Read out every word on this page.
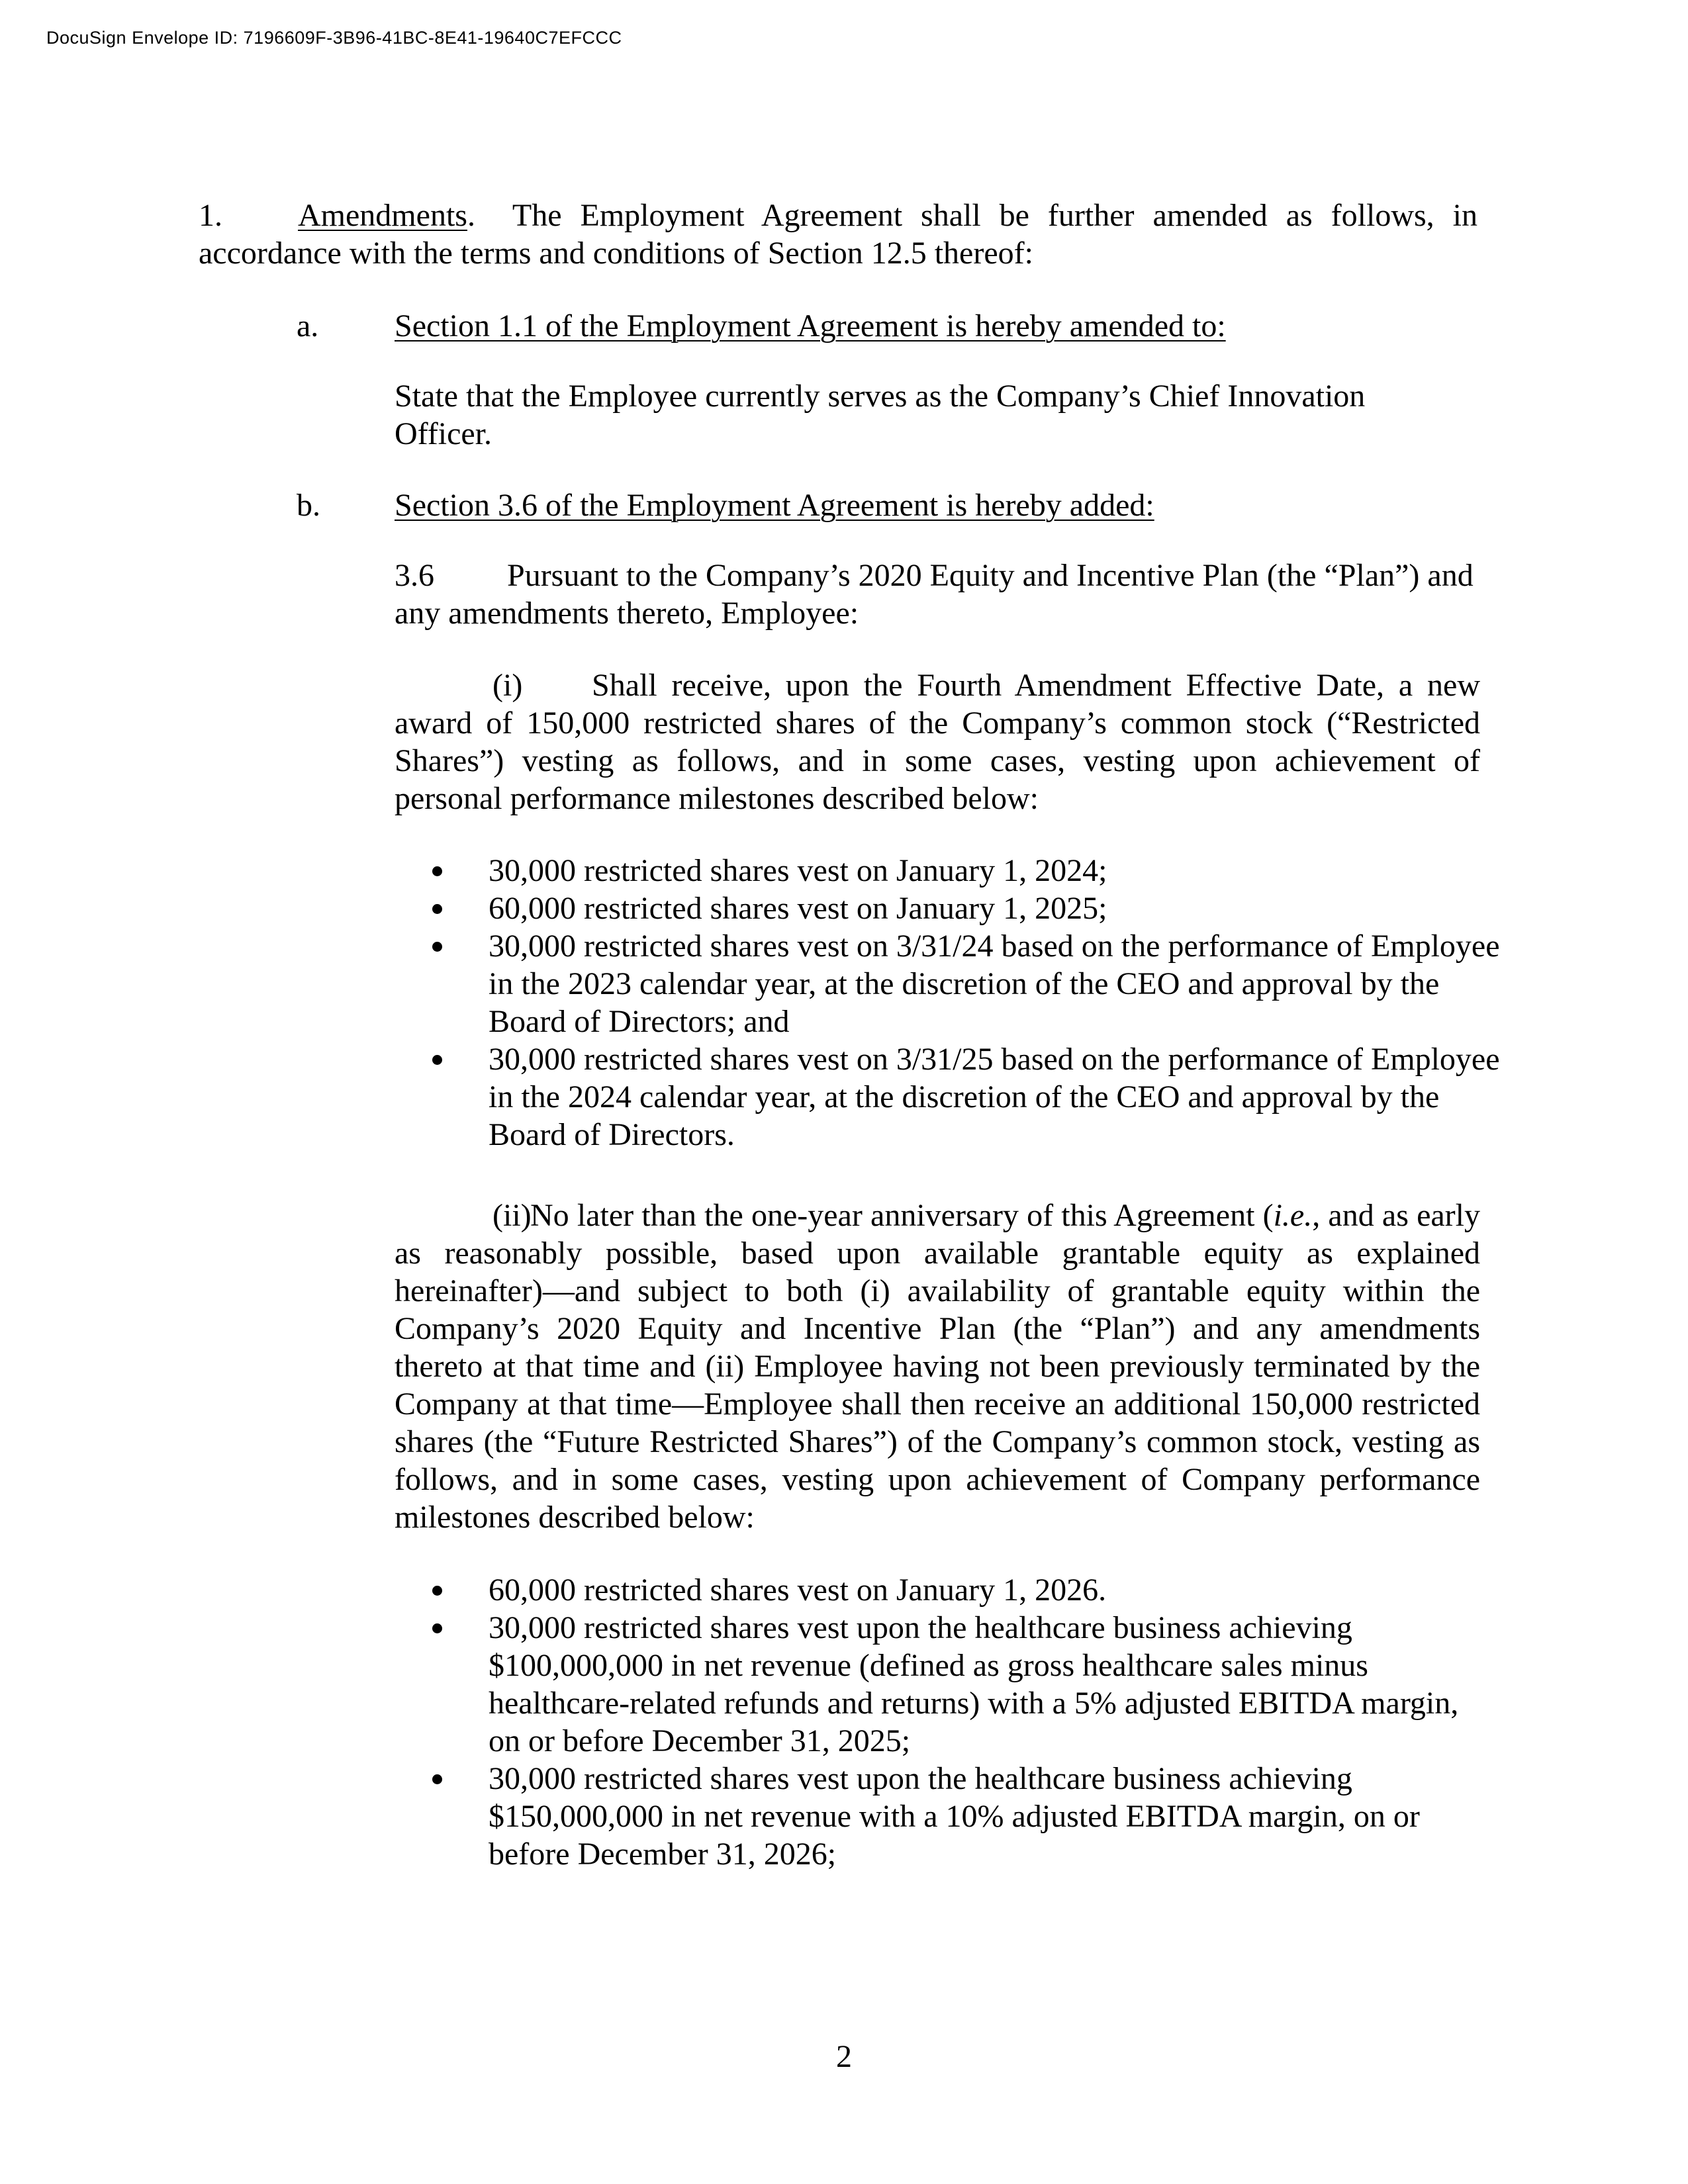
DocuSign Envelope ID: 7196609F-3B96-41BC-8E41-19640C7EFCCC
1. Amendments. The Employment Agreement shall be further amended as follows, in accordance with the terms and conditions of Section 12.5 thereof:
a. Section 1.1 of the Employment Agreement is hereby amended to:
State that the Employee currently serves as the Company’s Chief Innovation Officer.
b. Section 3.6 of the Employment Agreement is hereby added:
3.6 Pursuant to the Company’s 2020 Equity and Incentive Plan (the “Plan”) and any amendments thereto, Employee:
(i) Shall receive, upon the Fourth Amendment Effective Date, a new award of 150,000 restricted shares of the Company’s common stock (“Restricted Shares”) vesting as follows, and in some cases, vesting upon achievement of personal performance milestones described below:
30,000 restricted shares vest on January 1, 2024;
60,000 restricted shares vest on January 1, 2025;
30,000 restricted shares vest on 3/31/24 based on the performance of Employee in the 2023 calendar year, at the discretion of the CEO and approval by the Board of Directors; and
30,000 restricted shares vest on 3/31/25 based on the performance of Employee in the 2024 calendar year, at the discretion of the CEO and approval by the Board of Directors.
(ii)No later than the one-year anniversary of this Agreement (i.e., and as early as reasonably possible, based upon available grantable equity as explained hereinafter)—and subject to both (i) availability of grantable equity within the Company’s 2020 Equity and Incentive Plan (the “Plan”) and any amendments thereto at that time and (ii) Employee having not been previously terminated by the Company at that time—Employee shall then receive an additional 150,000 restricted shares (the “Future Restricted Shares”) of the Company’s common stock, vesting as follows, and in some cases, vesting upon achievement of Company performance milestones described below:
60,000 restricted shares vest on January 1, 2026.
30,000 restricted shares vest upon the healthcare business achieving $100,000,000 in net revenue (defined as gross healthcare sales minus healthcare-related refunds and returns) with a 5% adjusted EBITDA margin, on or before December 31, 2025;
30,000 restricted shares vest upon the healthcare business achieving $150,000,000 in net revenue with a 10% adjusted EBITDA margin, on or before December 31, 2026;
2
